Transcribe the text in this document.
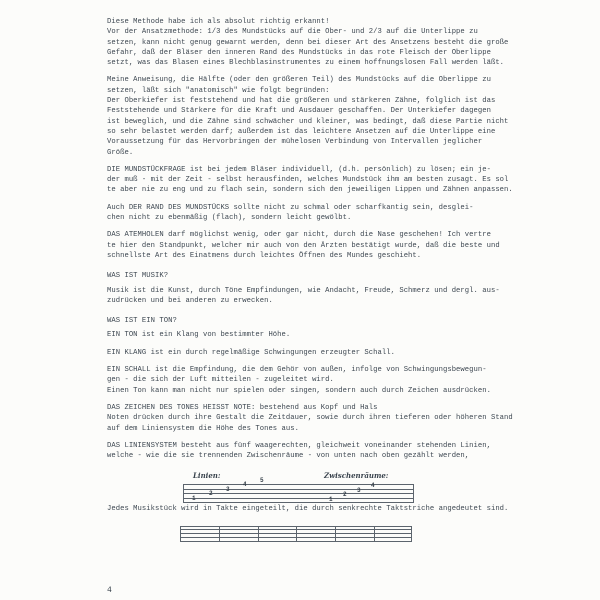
Diese Methode habe ich als absolut richtig erkannt!
Vor der Ansatzmethode: 1/3 des Mundstücks auf die Ober- und 2/3 auf die Unterlippe zu
setzen, kann nicht genug gewarnt werden, denn bei dieser Art des Ansetzens besteht die große
Gefahr, daß der Bläser den inneren Rand des Mundstücks in das rote Fleisch der Oberlippe
setzt, was das Blasen eines Blechblasinstrumentes zu einem hoffnungslosen Fall werden läßt.

Meine Anweisung, die Hälfte (oder den größeren Teil) des Mundstücks auf die Oberlippe zu
setzen, läßt sich "anatomisch" wie folgt begründen:
Der Oberkiefer ist feststehend und hat die größeren und stärkeren Zähne, folglich ist das
Feststehende und Stärkere für die Kraft und Ausdauer geschaffen. Der Unterkiefer dagegen
ist beweglich, und die Zähne sind schwächer und kleiner, was bedingt, daß diese Partie nicht
so sehr belastet werden darf; außerdem ist das leichtere Ansetzen auf die Unterlippe eine
Voraussetzung für das Hervorbringen der mühelosen Verbindung von Intervallen jeglicher
Größe.

DIE MUNDSTÜCKFRAGE ist bei jedem Bläser individuell, (d.h. persönlich) zu lösen; ein je-
der muß - mit der Zeit - selbst herausfinden, welches Mundstück ihm am besten zusagt. Es sol
te aber nie zu eng und zu flach sein, sondern sich den jeweiligen Lippen und Zähnen anpassen.

Auch DER RAND DES MUNDSTÜCKS sollte nicht zu schmal oder scharfkantig sein, desglei-
chen nicht zu ebenmäßig (flach), sondern leicht gewölbt.

DAS ATEMHOLEN darf möglichst wenig, oder gar nicht, durch die Nase geschehen! Ich vertre
te hier den Standpunkt, welcher mir auch von den Ärzten bestätigt wurde, daß die beste und
schnellste Art des Einatmens durch leichtes Öffnen des Mundes geschieht.

WAS IST MUSIK?

Musik ist die Kunst, durch Töne Empfindungen, wie Andacht, Freude, Schmerz und dergl. aus-
zudrücken und bei anderen zu erwecken.

WAS IST EIN TON?

EIN TON ist ein Klang von bestimmter Höhe.

EIN KLANG ist ein durch regelmäßige Schwingungen erzeugter Schall.

EIN SCHALL ist die Empfindung, die dem Gehör von außen, infolge von Schwingungsbewegun-
gen - die sich der Luft mitteilen - zugeleitet wird.
Einen Ton kann man nicht nur spielen oder singen, sondern auch durch Zeichen ausdrücken.

DAS ZEICHEN DES TONES HEISST NOTE: bestehend aus Kopf und Hals
Noten drücken durch ihre Gestalt die Zeitdauer, sowie durch ihren tieferen oder höheren Stand
auf dem Liniensystem die Höhe des Tones aus.

DAS LINIENSYSTEM besteht aus fünf waagerechten, gleichweit voneinander stehenden Linien,
welche - wie die sie trennenden Zwischenräume - von unten nach oben gezählt werden,

Linien:	Zwischenräume:
1
2
3
4
5
1
2
3
4

Jedes Musikstück wird in Takte eingeteilt, die durch senkrechte Taktstriche angedeutet sind.

4
